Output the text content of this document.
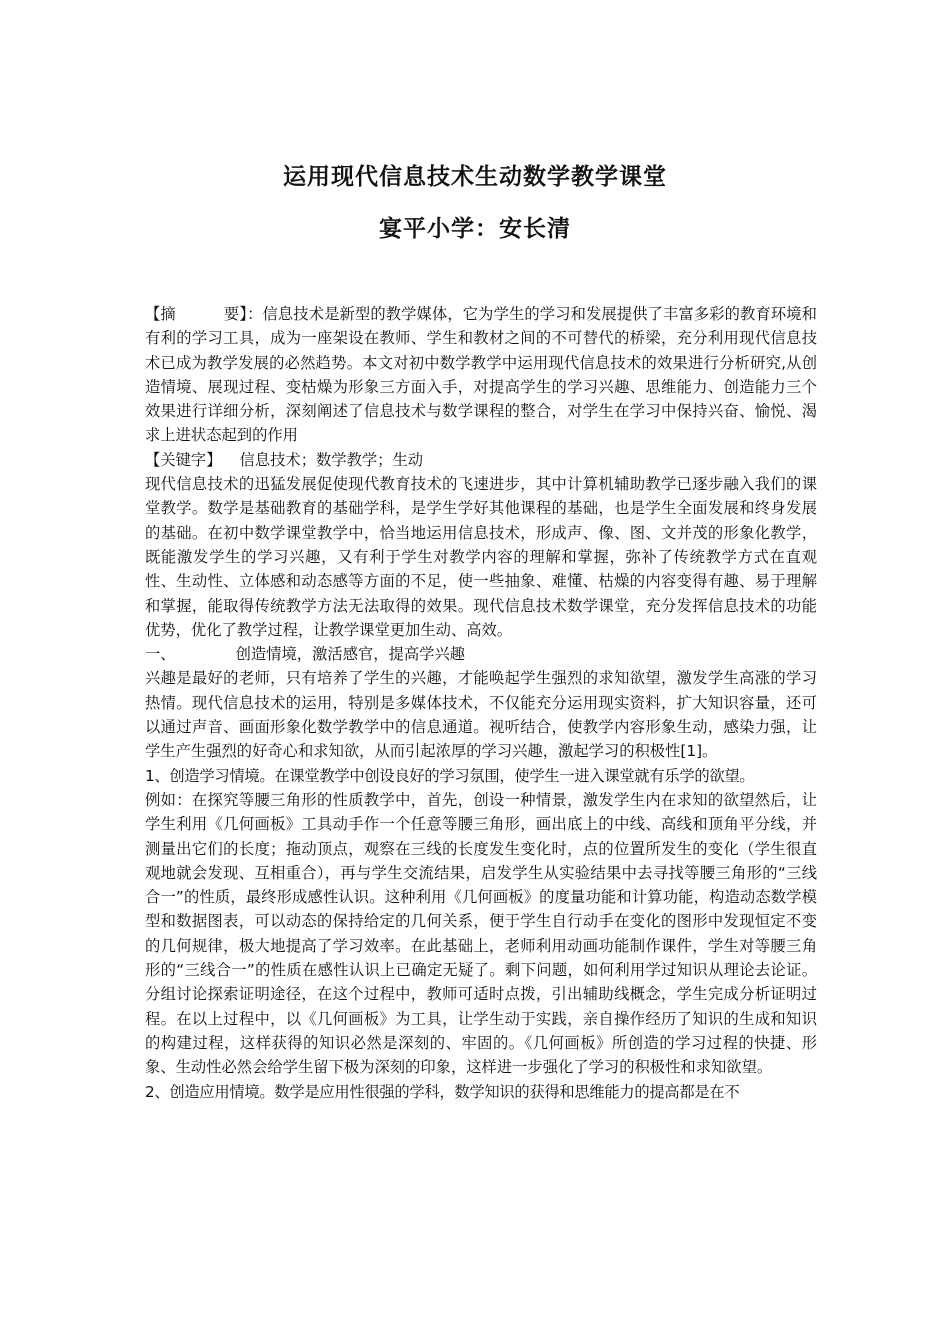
运用现代信息技术生动数学教学课堂
宴平小学：安长清

【摘	要】：信息技术是新型的教学媒体，它为学生的学习和发展提供了丰富多彩的教育环境和有利的学习工具，成为一座架设在教师、学生和教材之间的不可替代的桥梁，充分利用现代信息技术已成为教学发展的必然趋势。本文对初中数学教学中运用现代信息技术的效果进行分析研究,从创造情境、展现过程、变枯燥为形象三方面入手，对提高学生的学习兴趣、思维能力、创造能力三个效果进行详细分析，深刻阐述了信息技术与数学课程的整合，对学生在学习中保持兴奋、愉悦、渴求上进状态起到的作用

【关键字】 信息技术；数学教学；生动

现代信息技术的迅猛发展促使现代教育技术的飞速进步，其中计算机辅助教学已逐步融入我们的课堂教学。数学是基础教育的基础学科，是学生学好其他课程的基础，也是学生全面发展和终身发展的基础。在初中数学课堂教学中，恰当地运用信息技术，形成声、像、图、文并茂的形象化教学，既能激发学生的学习兴趣，又有利于学生对教学内容的理解和掌握，弥补了传统教学方式在直观性、生动性、立体感和动态感等方面的不足，使一些抽象、难懂、枯燥的内容变得有趣、易于理解和掌握，能取得传统教学方法无法取得的效果。现代信息技术数学课堂，充分发挥信息技术的功能优势，优化了教学过程，让教学课堂更加生动、高效。

一、	创造情境，激活感官，提高学兴趣

兴趣是最好的老师，只有培养了学生的兴趣，才能唤起学生强烈的求知欲望，激发学生高涨的学习热情。现代信息技术的运用，特别是多媒体技术，不仅能充分运用现实资料，扩大知识容量，还可以通过声音、画面形象化数学教学中的信息通道。视听结合，使教学内容形象生动，感染力强，让学生产生强烈的好奇心和求知欲，从而引起浓厚的学习兴趣，激起学习的积极性[1]。

1、创造学习情境。在课堂教学中创设良好的学习氛围，使学生一进入课堂就有乐学的欲望。

例如：在探究等腰三角形的性质教学中，首先，创设一种情景，激发学生内在求知的欲望然后，让学生利用《几何画板》工具动手作一个任意等腰三角形，画出底上的中线、高线和顶角平分线，并测量出它们的长度；拖动顶点，观察在三线的长度发生变化时，点的位置所发生的变化（学生很直观地就会发现、互相重合），再与学生交流结果，启发学生从实验结果中去寻找等腰三角形的“三线合一”的性质，最终形成感性认识。这种利用《几何画板》的度量功能和计算功能，构造动态数学模型和数据图表，可以动态的保持给定的几何关系，便于学生自行动手在变化的图形中发现恒定不变的几何规律，极大地提高了学习效率。在此基础上，老师利用动画功能制作课件，学生对等腰三角形的“三线合一”的性质在感性认识上已确定无疑了。剩下问题，如何利用学过知识从理论去论证。分组讨论探索证明途径，在这个过程中，教师可适时点拨，引出辅助线概念，学生完成分析证明过程。在以上过程中，以《几何画板》为工具，让学生动于实践，亲自操作经历了知识的生成和知识的构建过程，这样获得的知识必然是深刻的、牢固的。《几何画板》所创造的学习过程的快捷、形象、生动性必然会给学生留下极为深刻的印象，这样进一步强化了学习的积极性和求知欲望。

2、创造应用情境。数学是应用性很强的学科，数学知识的获得和思维能力的提高都是在不
